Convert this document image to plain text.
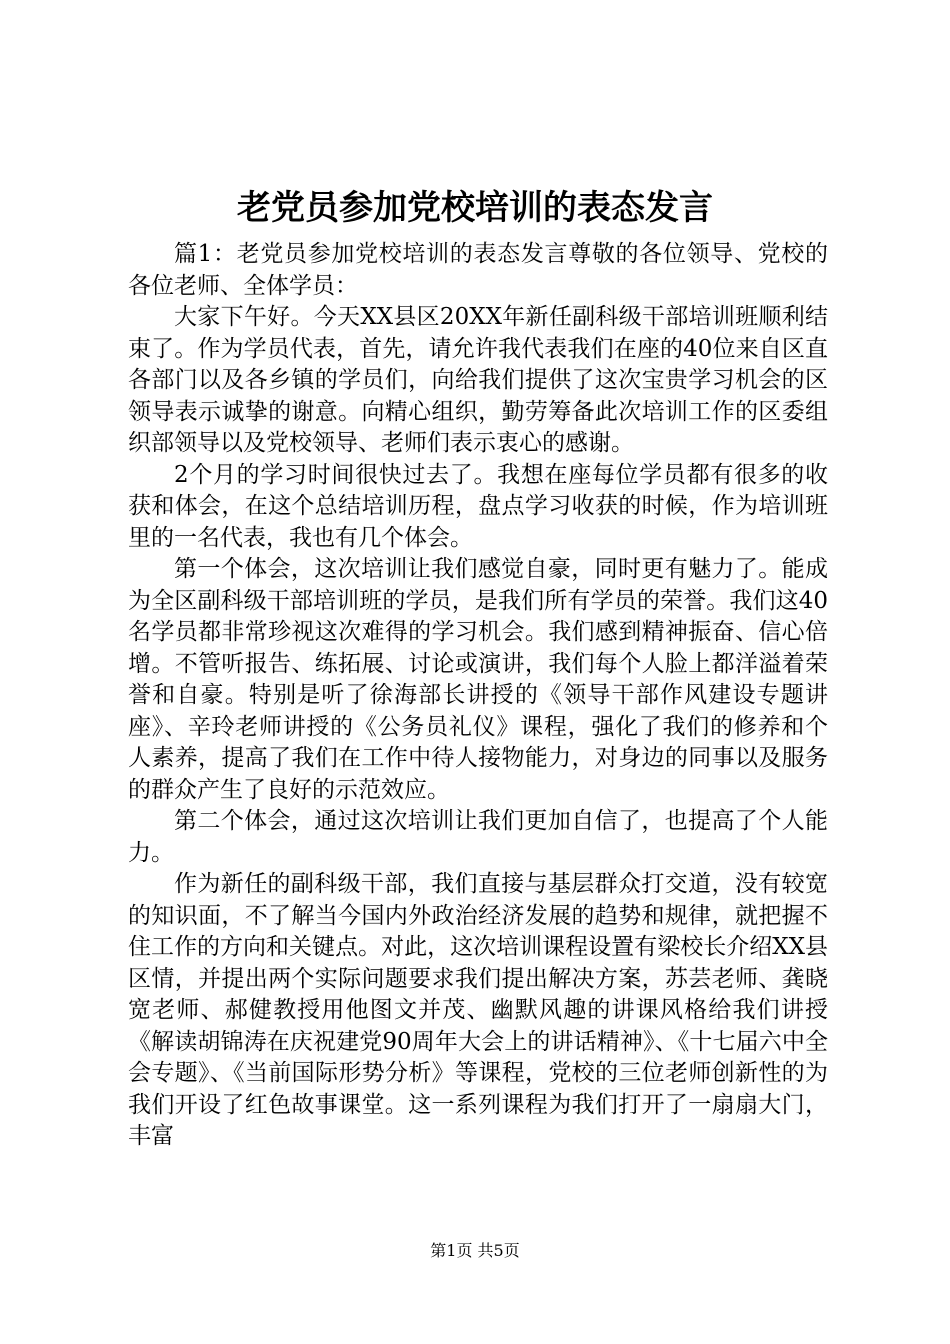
老党员参加党校培训的表态发言

篇1：老党员参加党校培训的表态发言尊敬的各位领导、党校的各位老师、全体学员：

大家下午好。今天XX县区20XX年新任副科级干部培训班顺利结束了。作为学员代表，首先，请允许我代表我们在座的40位来自区直各部门以及各乡镇的学员们，向给我们提供了这次宝贵学习机会的区领导表示诚挚的谢意。向精心组织，勤劳筹备此次培训工作的区委组织部领导以及党校领导、老师们表示衷心的感谢。

2个月的学习时间很快过去了。我想在座每位学员都有很多的收获和体会，在这个总结培训历程，盘点学习收获的时候，作为培训班里的一名代表，我也有几个体会。

第一个体会，这次培训让我们感觉自豪，同时更有魅力了。能成为全区副科级干部培训班的学员，是我们所有学员的荣誉。我们这40名学员都非常珍视这次难得的学习机会。我们感到精神振奋、信心倍增。不管听报告、练拓展、讨论或演讲，我们每个人脸上都洋溢着荣誉和自豪。特别是听了徐海部长讲授的《领导干部作风建设专题讲座》、辛玲老师讲授的《公务员礼仪》课程，强化了我们的修养和个人素养，提高了我们在工作中待人接物能力，对身边的同事以及服务的群众产生了良好的示范效应。

第二个体会，通过这次培训让我们更加自信了，也提高了个人能力。

作为新任的副科级干部，我们直接与基层群众打交道，没有较宽的知识面，不了解当今国内外政治经济发展的趋势和规律，就把握不住工作的方向和关键点。对此，这次培训课程设置有梁校长介绍XX县区情，并提出两个实际问题要求我们提出解决方案，苏芸老师、龚晓宽老师、郝健教授用他图文并茂、幽默风趣的讲课风格给我们讲授《解读胡锦涛在庆祝建党90周年大会上的讲话精神》、《十七届六中全会专题》、《当前国际形势分析》等课程，党校的三位老师创新性的为我们开设了红色故事课堂。这一系列课程为我们打开了一扇扇大门，丰富

第1页 共5页
